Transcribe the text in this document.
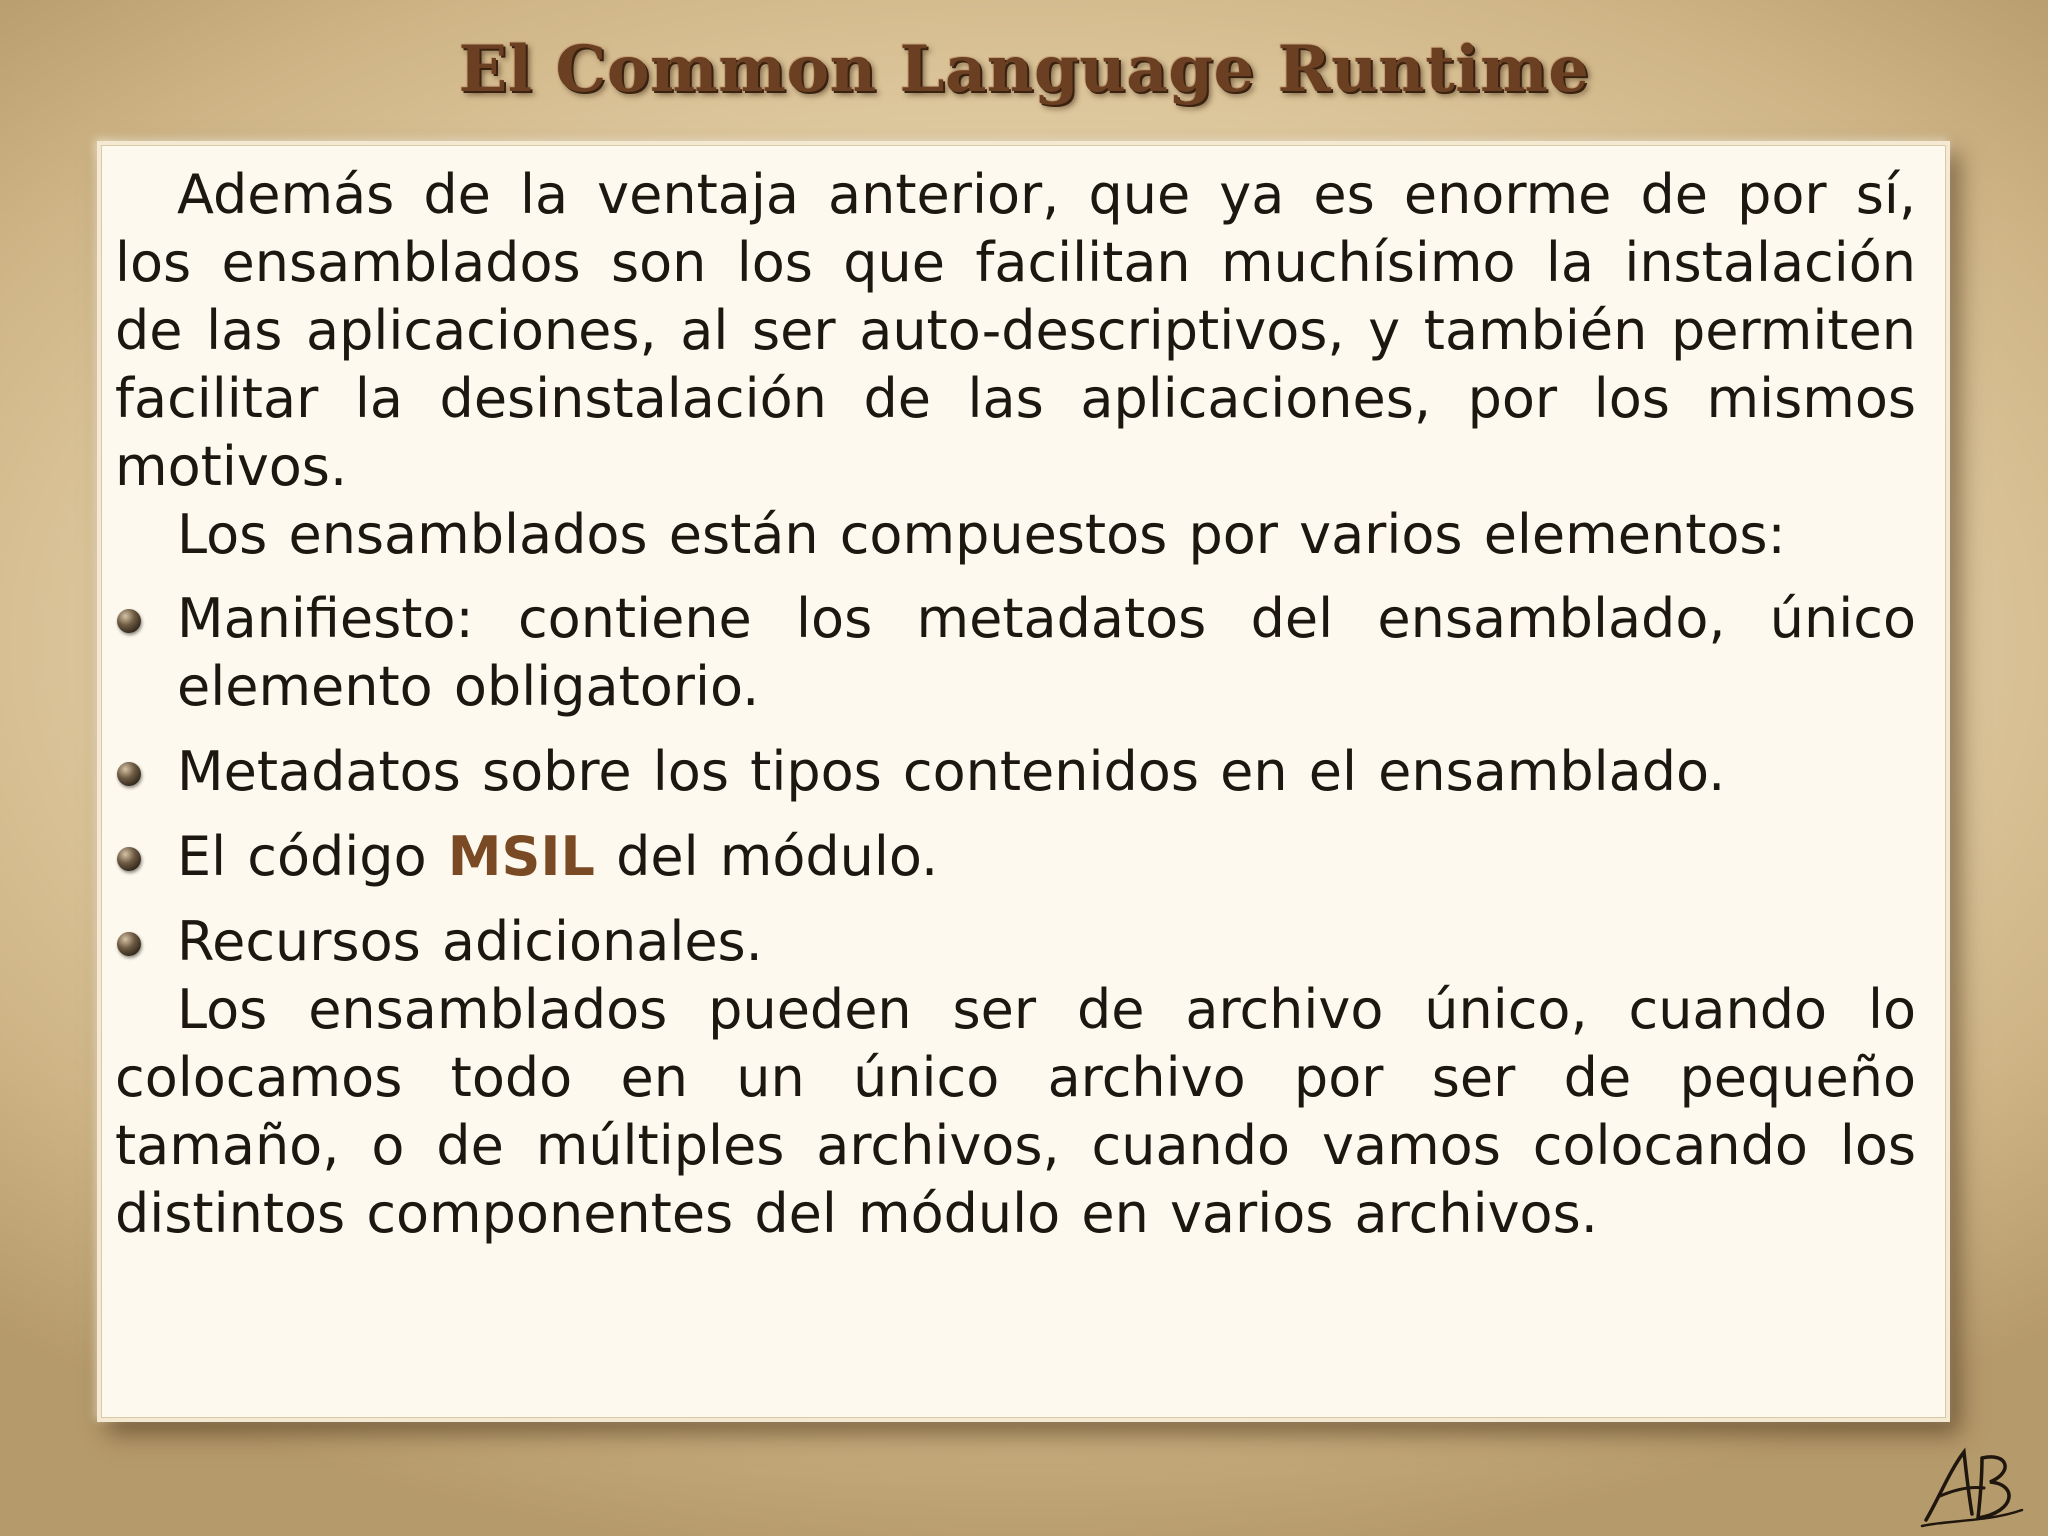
El Common Language Runtime

Además de la ventaja anterior, que ya es enorme de por sí, los ensamblados son los que facilitan muchísimo la instalación de las aplicaciones, al ser auto-descriptivos, y también permiten facilitar la desinstalación de las aplicaciones, por los mismos motivos.

Los ensamblados están compuestos por varios elementos:

Manifiesto: contiene los metadatos del ensamblado, único elemento obligatorio.
Metadatos sobre los tipos contenidos en el ensamblado.
El código MSIL del módulo.
Recursos adicionales.

Los ensamblados pueden ser de archivo único, cuando lo colocamos todo en un único archivo por ser de pequeño tamaño, o de múltiples archivos, cuando vamos colocando los distintos componentes del módulo en varios archivos.
